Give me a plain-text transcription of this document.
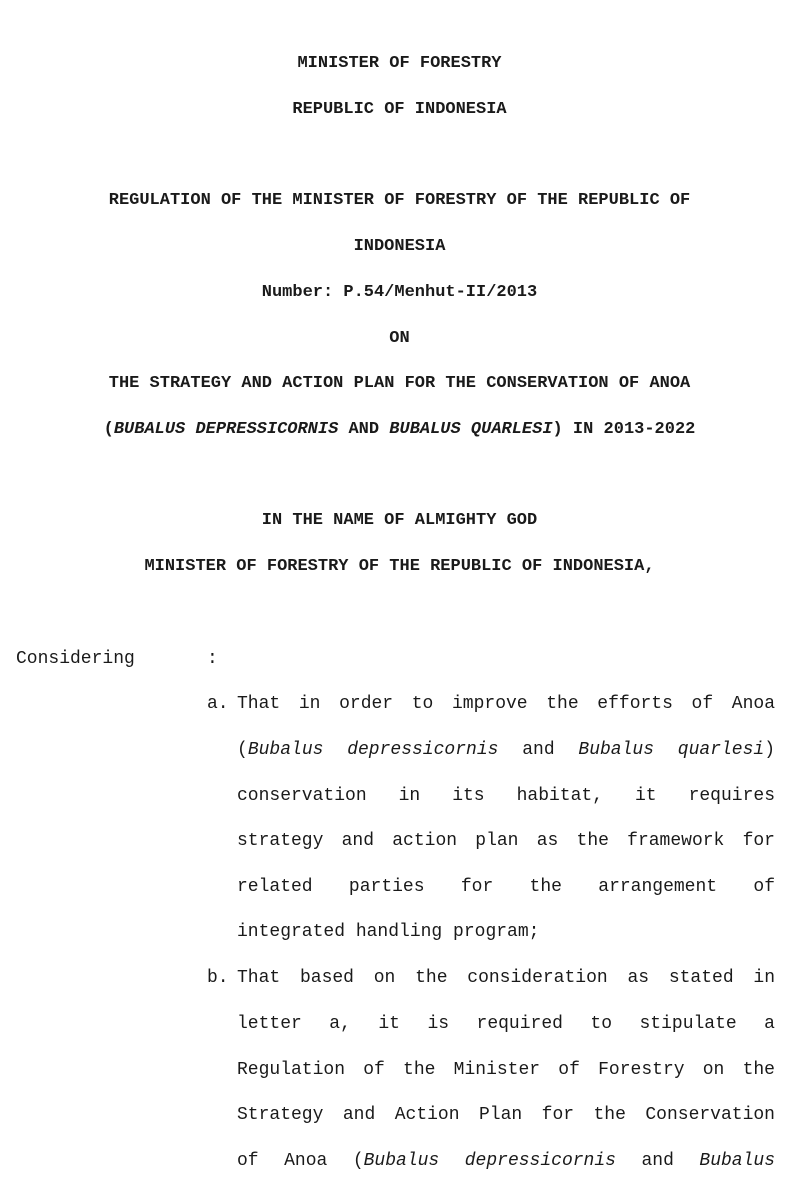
MINISTER OF FORESTRY
REPUBLIC OF INDONESIA
REGULATION OF THE MINISTER OF FORESTRY OF THE REPUBLIC OF
INDONESIA
Number: P.54/Menhut-II/2013
ON
THE STRATEGY AND ACTION PLAN FOR THE CONSERVATION OF ANOA
(BUBALUS DEPRESSICORNIS AND BUBALUS QUARLESI) IN 2013-2022
IN THE NAME OF ALMIGHTY GOD
MINISTER OF FORESTRY OF THE REPUBLIC OF INDONESIA,
Considering	:
a. That in order to improve the efforts of Anoa
(Bubalus depressicornis and Bubalus quarlesi)
conservation in its habitat, it requires
strategy and action plan as the framework for
related parties for the arrangement of
integrated handling program;
b. That based on the consideration as stated in
letter a, it is required to stipulate a
Regulation of the Minister of Forestry on the
Strategy and Action Plan for the Conservation
of Anoa (Bubalus depressicornis and Bubalus
